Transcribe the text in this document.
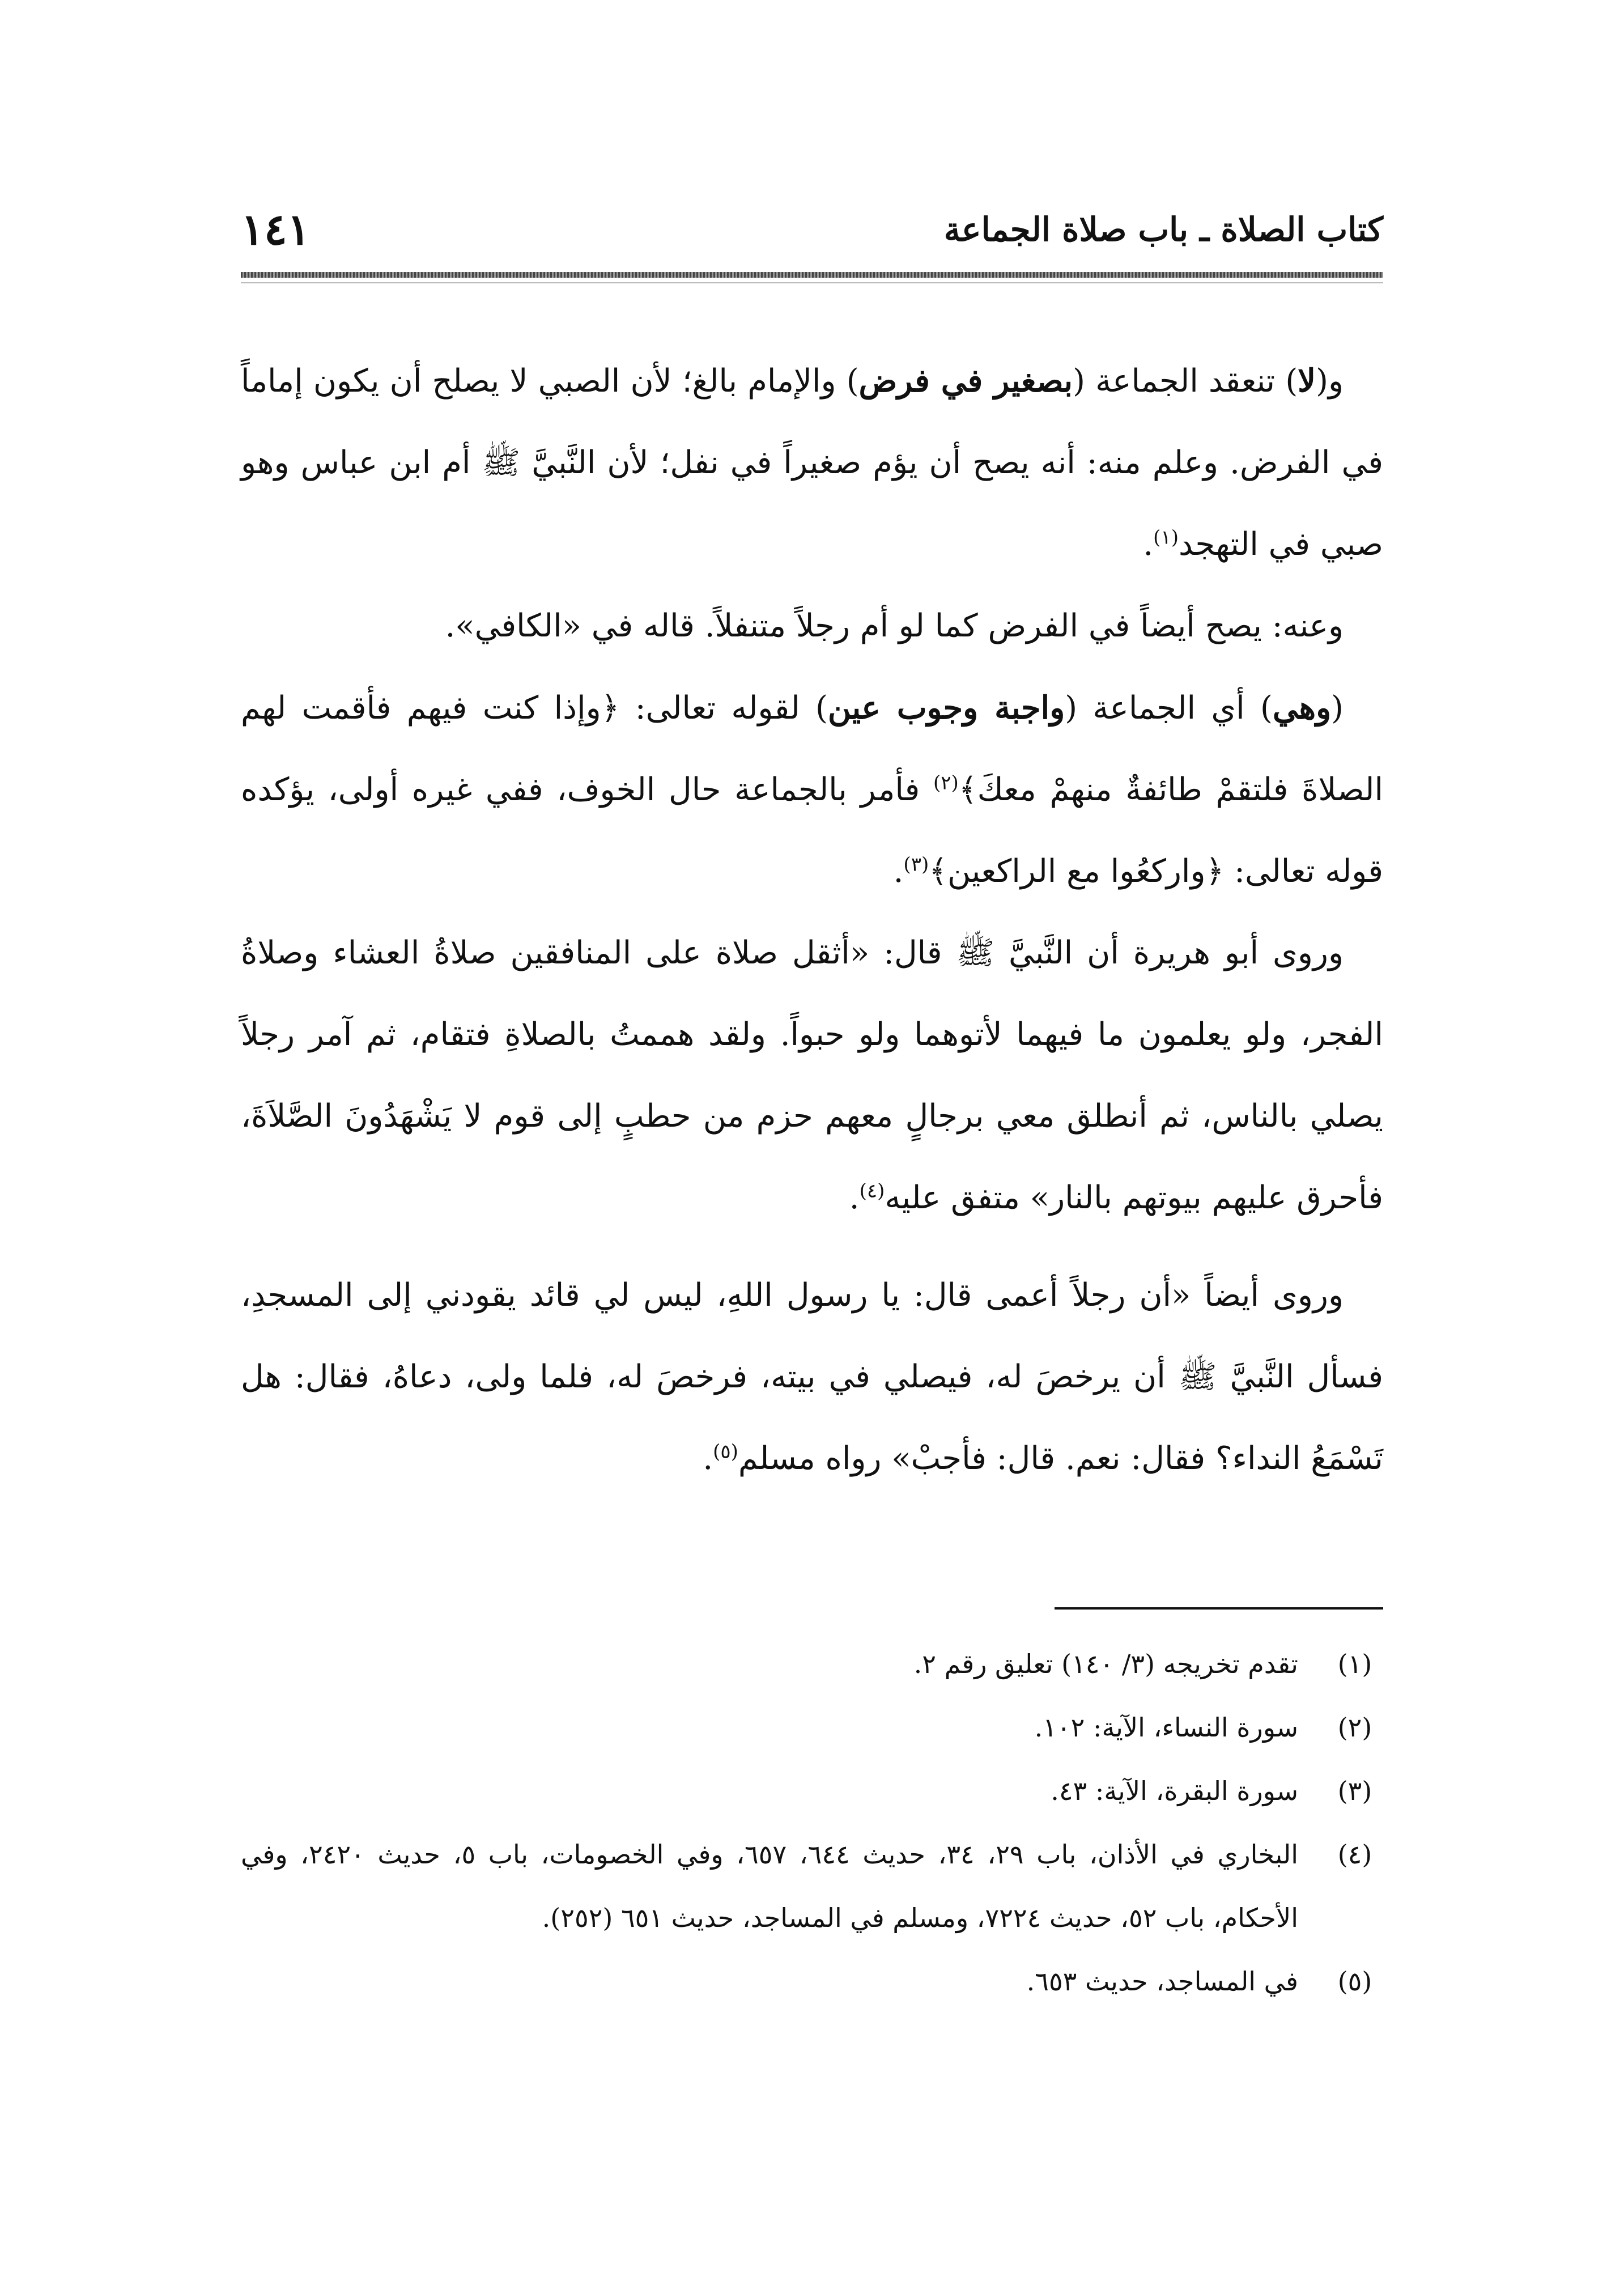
كتاب الصلاة ـ باب صلاة الجماعة
١٤١

و(لا) تنعقد الجماعة (بصغير في فرض) والإمام بالغ؛ لأن الصبي لا يصلح أن يكون إماماً في الفرض. وعلم منه: أنه يصح أن يؤم صغيراً في نفل؛ لأن النَّبيَّ ﷺ أم ابن عباس وهو صبي في التهجد$^{(١)}$.

وعنه: يصح أيضاً في الفرض كما لو أم رجلاً متنفلاً. قاله في «الكافي».

(وهي) أي الجماعة (واجبة وجوب عين) لقوله تعالى: ﴿وإذا كنت فيهم فأقمت لهم الصلاةَ فلتقمْ طائفةٌ منهمْ معكَ﴾$^{(٢)}$ فأمر بالجماعة حال الخوف، ففي غيره أولى، يؤكده قوله تعالى: ﴿واركعُوا مع الراكعين﴾$^{(٣)}$.

وروى أبو هريرة أن النَّبيَّ ﷺ قال: «أثقل صلاة على المنافقين صلاةُ العشاء وصلاةُ الفجر، ولو يعلمون ما فيهما لأتوهما ولو حبواً. ولقد هممتُ بالصلاةِ فتقام، ثم آمر رجلاً يصلي بالناس، ثم أنطلق معي برجالٍ معهم حزم من حطبٍ إلى قوم لا يَشْهَدُونَ الصَّلاَةَ، فأحرق عليهم بيوتهم بالنار» متفق عليه$^{(٤)}$.

وروى أيضاً «أن رجلاً أعمى قال: يا رسول اللهِ، ليس لي قائد يقودني إلى المسجدِ، فسأل النَّبيَّ ﷺ أن يرخصَ له، فيصلي في بيته، فرخصَ له، فلما ولى، دعاهُ، فقال: هل تَسْمَعُ النداء؟ فقال: نعم. قال: فأجبْ» رواه مسلم$^{(٥)}$.

(١)
تقدم تخريجه (٣/ ١٤٠) تعليق رقم ٢.
(٢)
سورة النساء، الآية: ١٠٢.
(٣)
سورة البقرة، الآية: ٤٣.
(٤)
البخاري في الأذان، باب ٢٩، ٣٤، حديث ٦٤٤، ٦٥٧، وفي الخصومات، باب ٥، حديث ٢٤٢٠، وفي الأحكام، باب ٥٢، حديث ٧٢٢٤، ومسلم في المساجد، حديث ٦٥١ (٢٥٢).
(٥)
في المساجد، حديث ٦٥٣.
